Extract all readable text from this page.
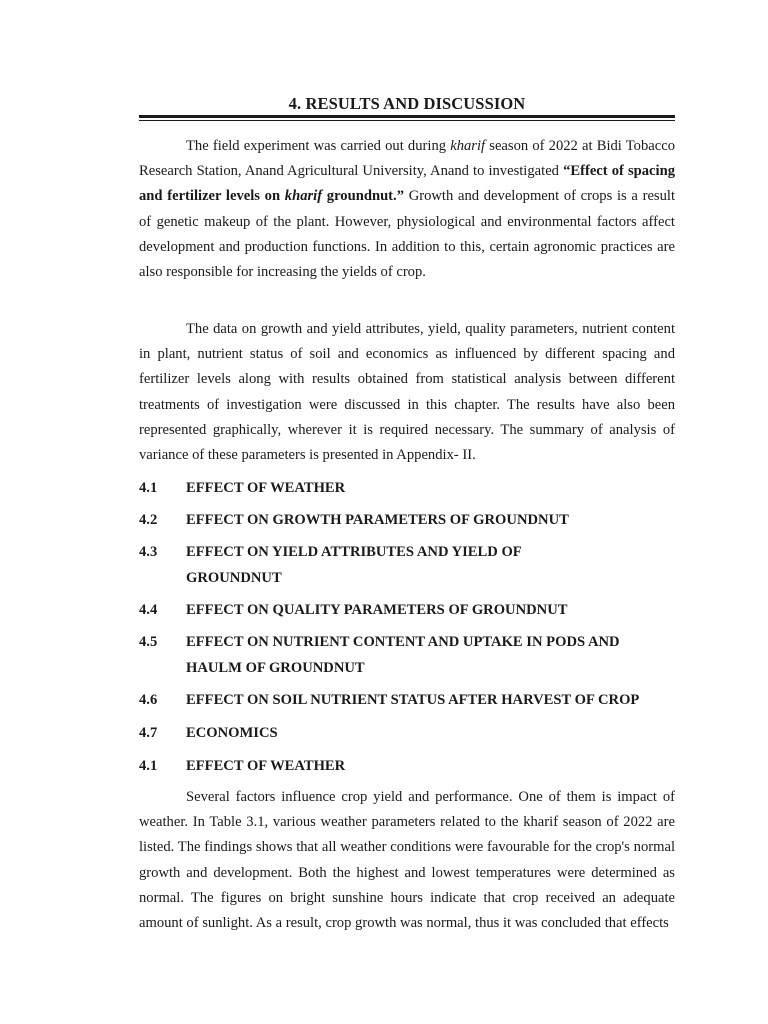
4. RESULTS AND DISCUSSION

The field experiment was carried out during kharif season of 2022 at Bidi Tobacco Research Station, Anand Agricultural University, Anand to investigated “Effect of spacing and fertilizer levels on kharif groundnut.” Growth and development of crops is a result of genetic makeup of the plant. However, physiological and environmental factors affect development and production functions. In addition to this, certain agronomic practices are also responsible for increasing the yields of crop.

The data on growth and yield attributes, yield, quality parameters, nutrient content in plant, nutrient status of soil and economics as influenced by different spacing and fertilizer levels along with results obtained from statistical analysis between different treatments of investigation were discussed in this chapter. The results have also been represented graphically, wherever it is required necessary. The summary of analysis of variance of these parameters is presented in Appendix- II.

4.1 EFFECT OF WEATHER
4.2 EFFECT ON GROWTH PARAMETERS OF GROUNDNUT
4.3 EFFECT ON YIELD ATTRIBUTES AND YIELD OF GROUNDNUT
4.4 EFFECT ON QUALITY PARAMETERS OF GROUNDNUT
4.5 EFFECT ON NUTRIENT CONTENT AND UPTAKE IN PODS AND HAULM OF GROUNDNUT
4.6 EFFECT ON SOIL NUTRIENT STATUS AFTER HARVEST OF CROP
4.7 ECONOMICS
4.1 EFFECT OF WEATHER

Several factors influence crop yield and performance. One of them is impact of weather. In Table 3.1, various weather parameters related to the kharif season of 2022 are listed. The findings shows that all weather conditions were favourable for the crop's normal growth and development. Both the highest and lowest temperatures were determined as normal. The figures on bright sunshine hours indicate that crop received an adequate amount of sunlight. As a result, crop growth was normal, thus it was concluded that effects
